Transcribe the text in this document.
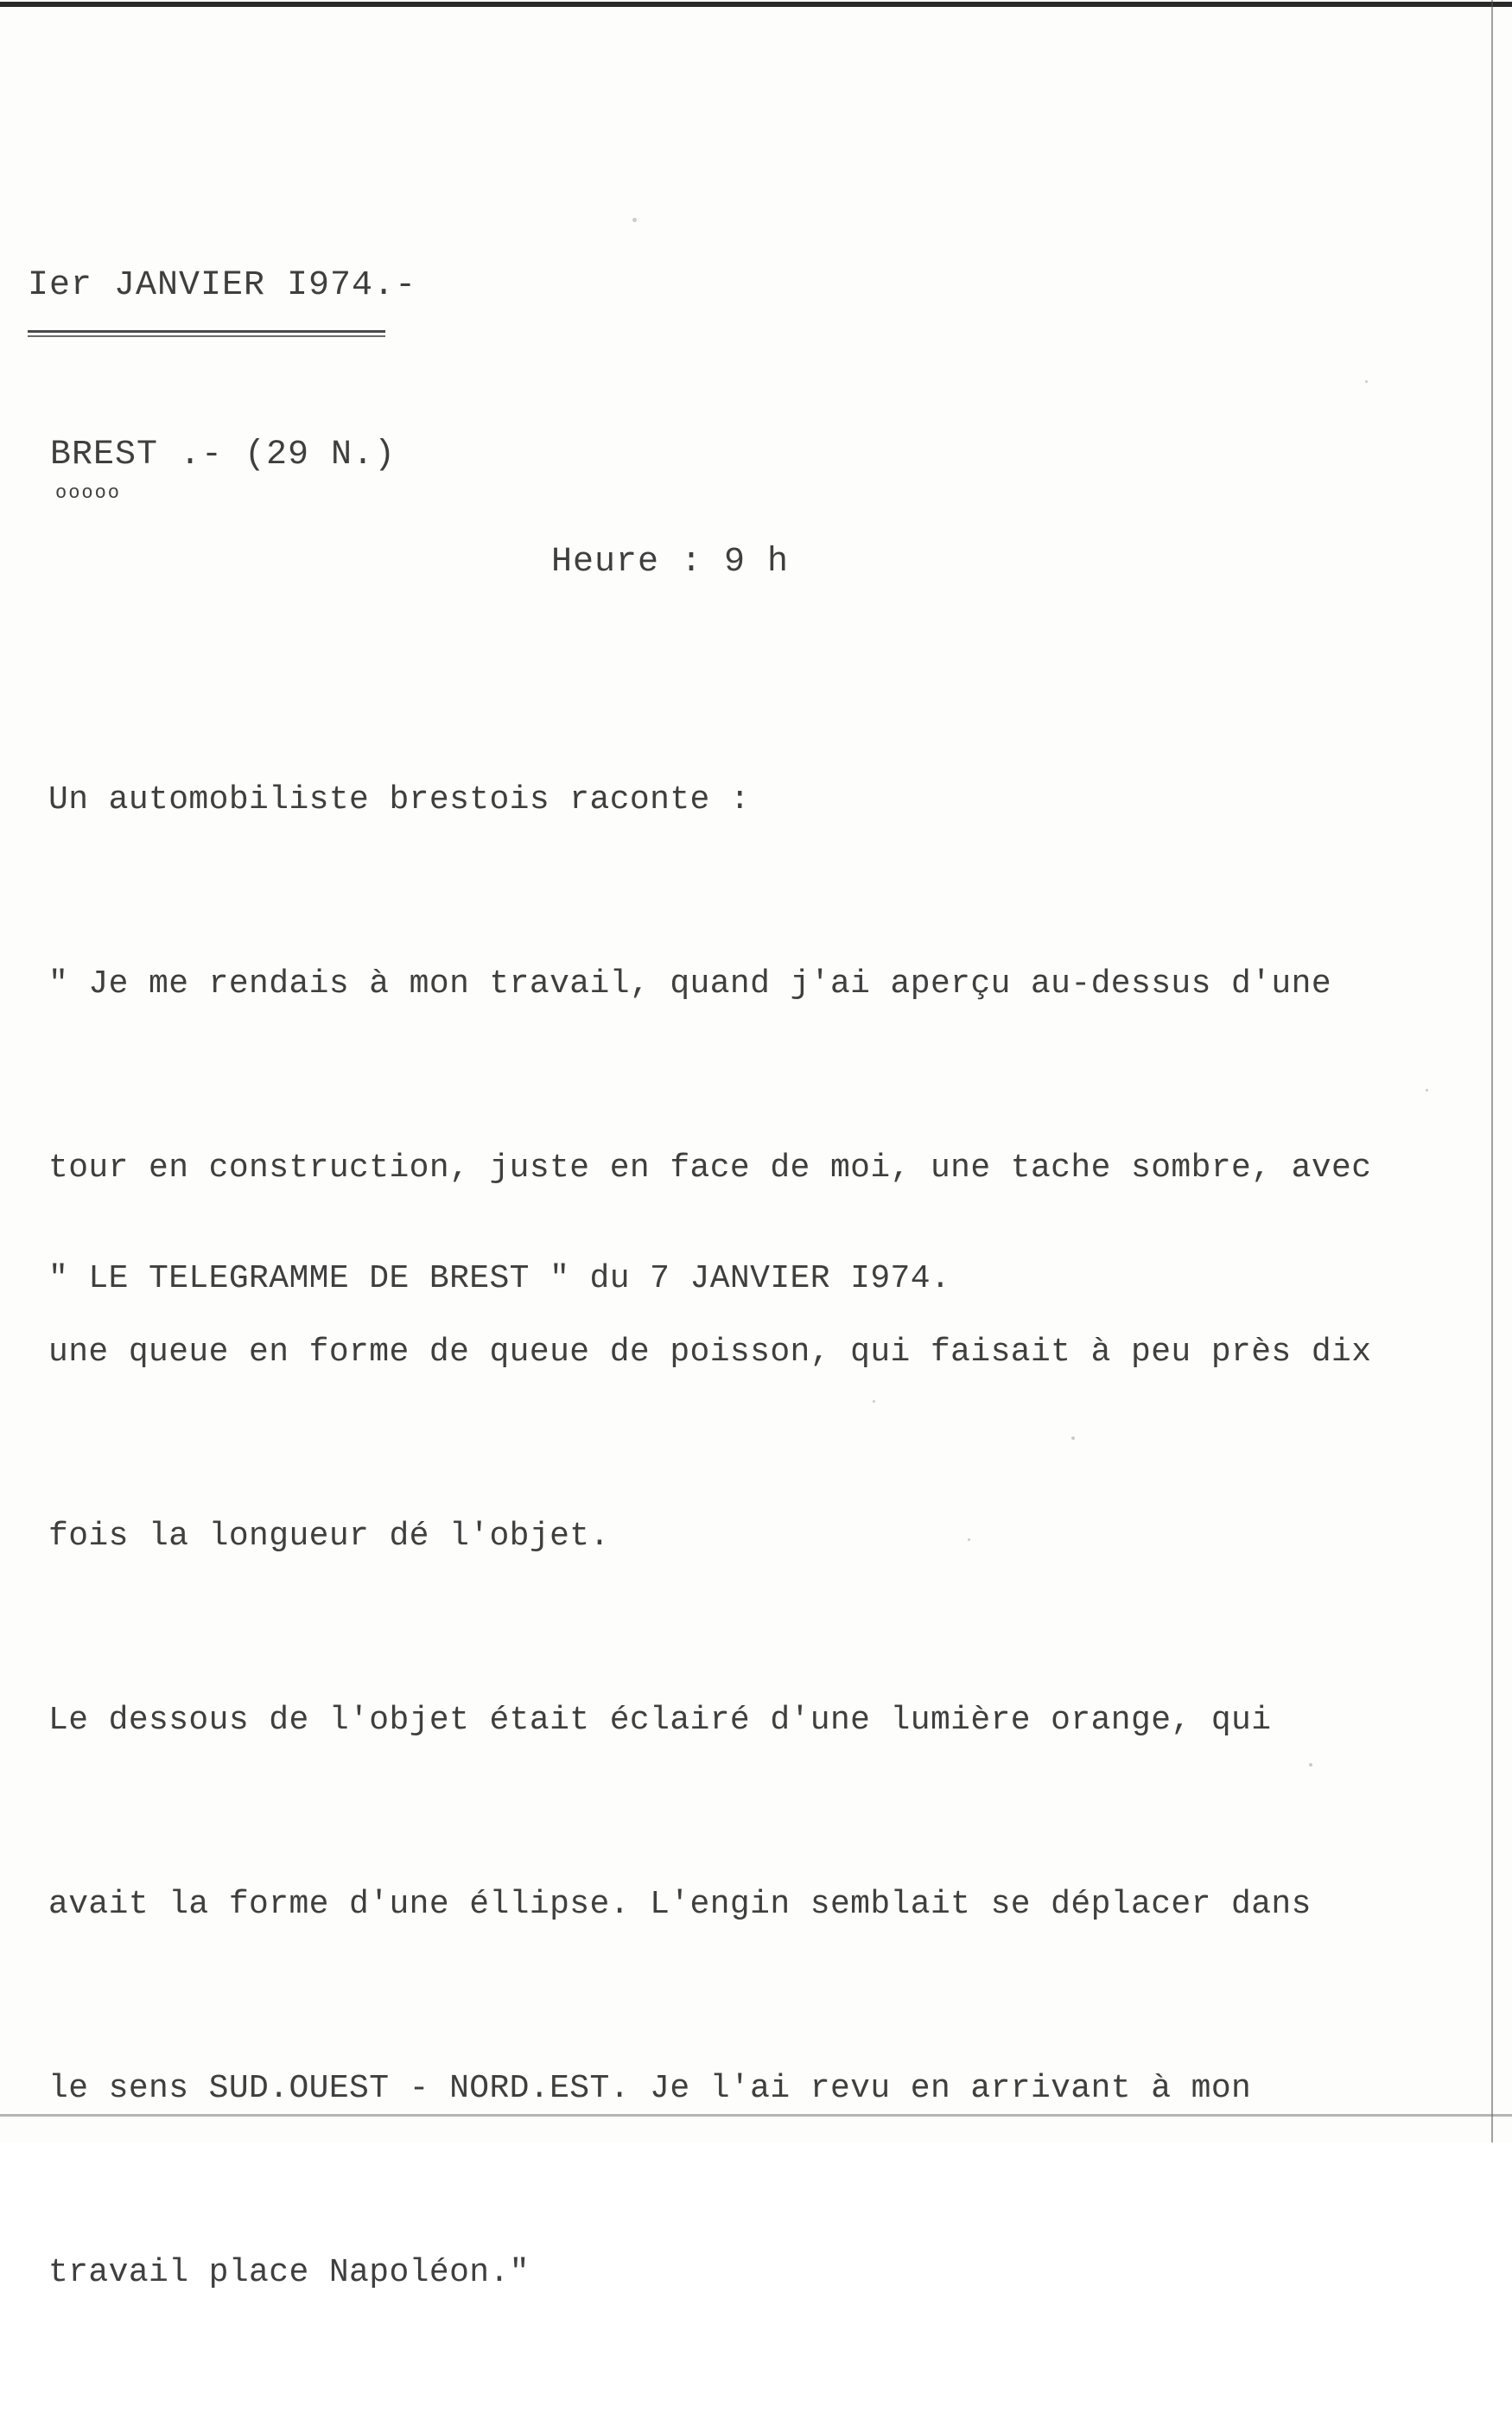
Ier JANVIER I974.-
BREST .- (29 N.)
ooooo
Heure : 9 h

Un automobiliste brestois raconte :

" Je me rendais à mon travail, quand j'ai aperçu au-dessus d'une

tour en construction, juste en face de moi, une tache sombre, avec

une queue en forme de queue de poisson, qui faisait à peu près dix

fois la longueur dé l'objet.

Le dessous de l'objet était éclairé d'une lumière orange, qui

avait la forme d'une éllipse. L'engin semblait se déplacer dans

le sens SUD.OUEST - NORD.EST. Je l'ai revu en arrivant à mon

travail place Napoléon."

" LE TELEGRAMME DE BREST " du 7 JANVIER I974.
